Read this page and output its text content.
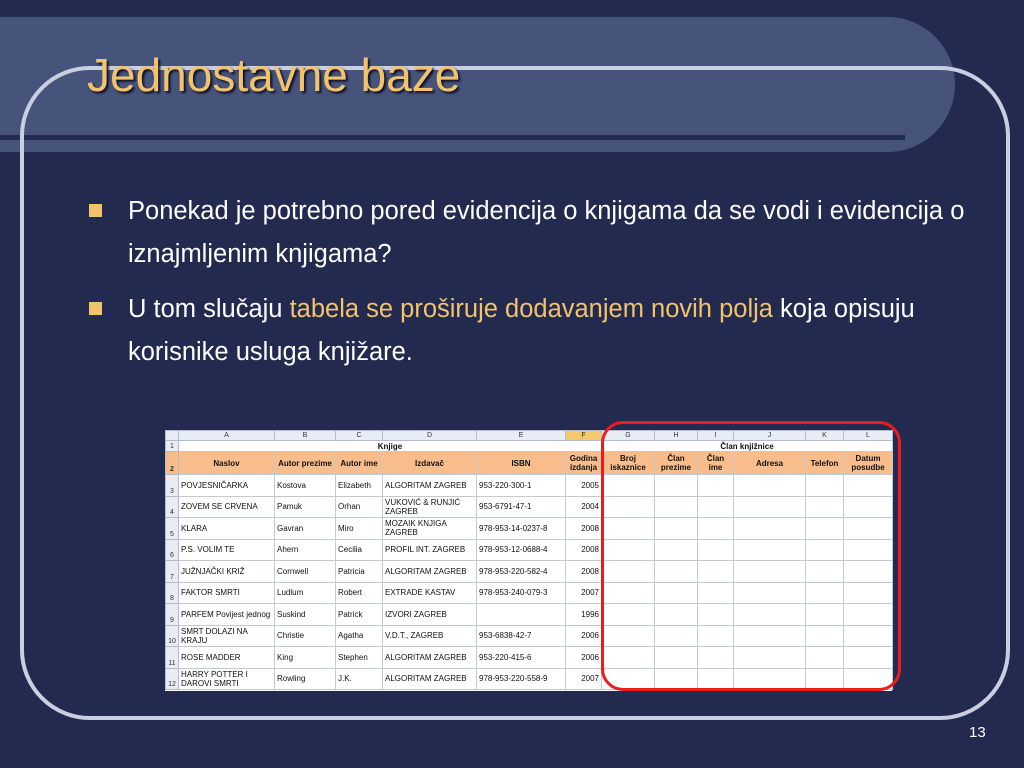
Jednostavne baze
Ponekad je potrebno pored evidencija o knjigama da se vodi i evidencija o iznajmljenim knjigama?
U tom slučaju tabela se proširuje dodavanjem novih polja koja opisuju korisnike usluga knjižare.
	A	B	C	D	E	F	G	H	I	J	K	L
1	Knjige						Član knjižnice					
2	Naslov	Autor prezime	Autor ime	Izdavač	ISBN	Godina izdanja	Broj iskaznice	Član prezime	Član ime	Adresa	Telefon	Datum posudbe
3	POVJESNIČARKA	Kostova	Elizabeth	ALGORITAM ZAGREB	953-220-300-1	2005						
4	ZOVEM SE CRVENA	Pamuk	Orhan	VUKOVIĆ & RUNJIĆ ZAGREB	953-6791-47-1	2004						
5	KLARA	Gavran	Miro	MOZAIK KNJIGA ZAGREB	978-953-14-0237-8	2008						
6	P.S. VOLIM TE	Ahern	Cecilia	PROFIL INT. ZAGREB	978-953-12-0688-4	2008						
7	JUŽNJAČKI KRIŽ	Cornwell	Patricia	ALGORITAM ZAGREB	978-953-220-582-4	2008						
8	FAKTOR SMRTI	Ludlum	Robert	EXTRADE KASTAV	978-953-240-079-3	2007						
9	PARFEM Povijest jednog	Suskind	Patrick	IZVORI ZAGREB		1996						
10	SMRT DOLAZI NA KRAJU	Christie	Agatha	V.D.T., ZAGREB	953-6838-42-7	2006						
11	ROSE MADDER	King	Stephen	ALGORITAM ZAGREB	953-220-415-6	2006						
12	HARRY POTTER I DAROVI SMRTI	Rowling	J.K.	ALGORITAM ZAGREB	978-953-220-558-9	2007						
13
